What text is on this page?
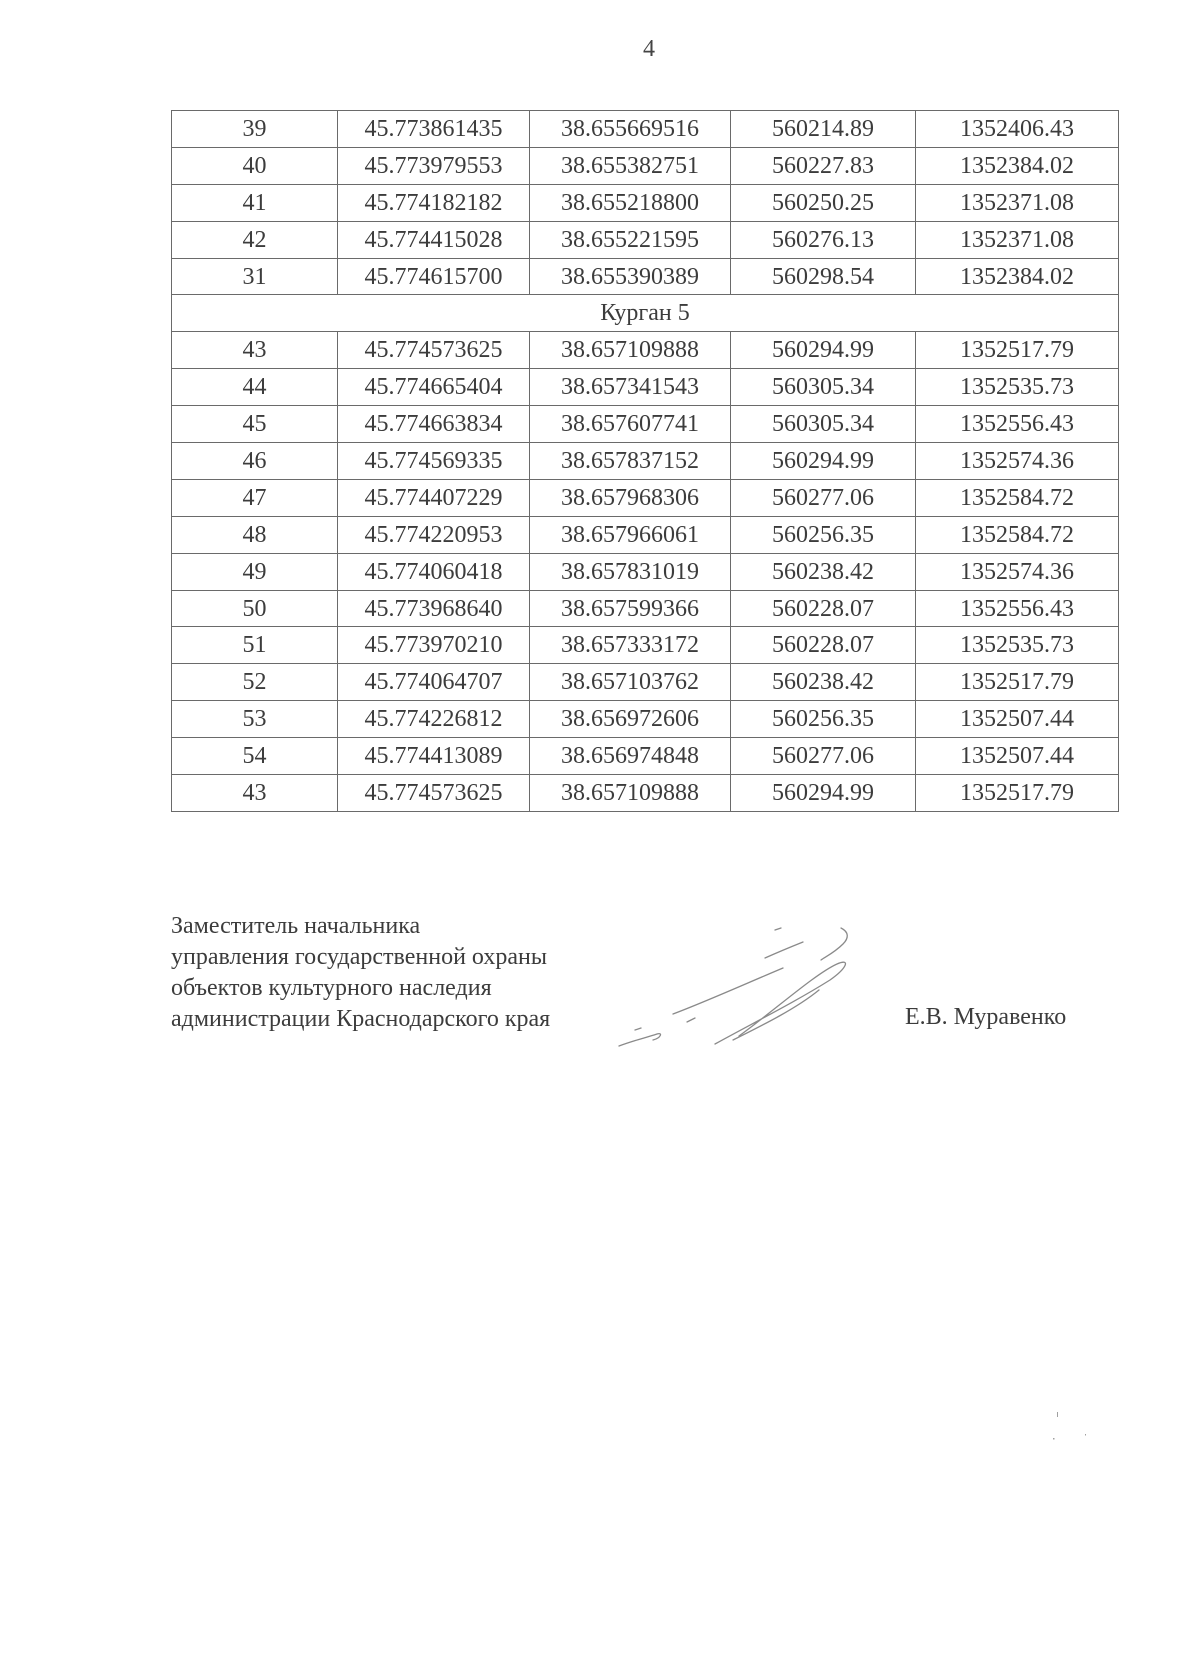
4
39	45.773861435	38.655669516	560214.89	1352406.43
40	45.773979553	38.655382751	560227.83	1352384.02
41	45.774182182	38.655218800	560250.25	1352371.08
42	45.774415028	38.655221595	560276.13	1352371.08
31	45.774615700	38.655390389	560298.54	1352384.02
Курган 5				
43	45.774573625	38.657109888	560294.99	1352517.79
44	45.774665404	38.657341543	560305.34	1352535.73
45	45.774663834	38.657607741	560305.34	1352556.43
46	45.774569335	38.657837152	560294.99	1352574.36
47	45.774407229	38.657968306	560277.06	1352584.72
48	45.774220953	38.657966061	560256.35	1352584.72
49	45.774060418	38.657831019	560238.42	1352574.36
50	45.773968640	38.657599366	560228.07	1352556.43
51	45.773970210	38.657333172	560228.07	1352535.73
52	45.774064707	38.657103762	560238.42	1352517.79
53	45.774226812	38.656972606	560256.35	1352507.44
54	45.774413089	38.656974848	560277.06	1352507.44
43	45.774573625	38.657109888	560294.99	1352517.79
Заместитель начальника
управления государственной охраны
объектов культурного наследия
администрации Краснодарского края	Е.В. Муравенко
